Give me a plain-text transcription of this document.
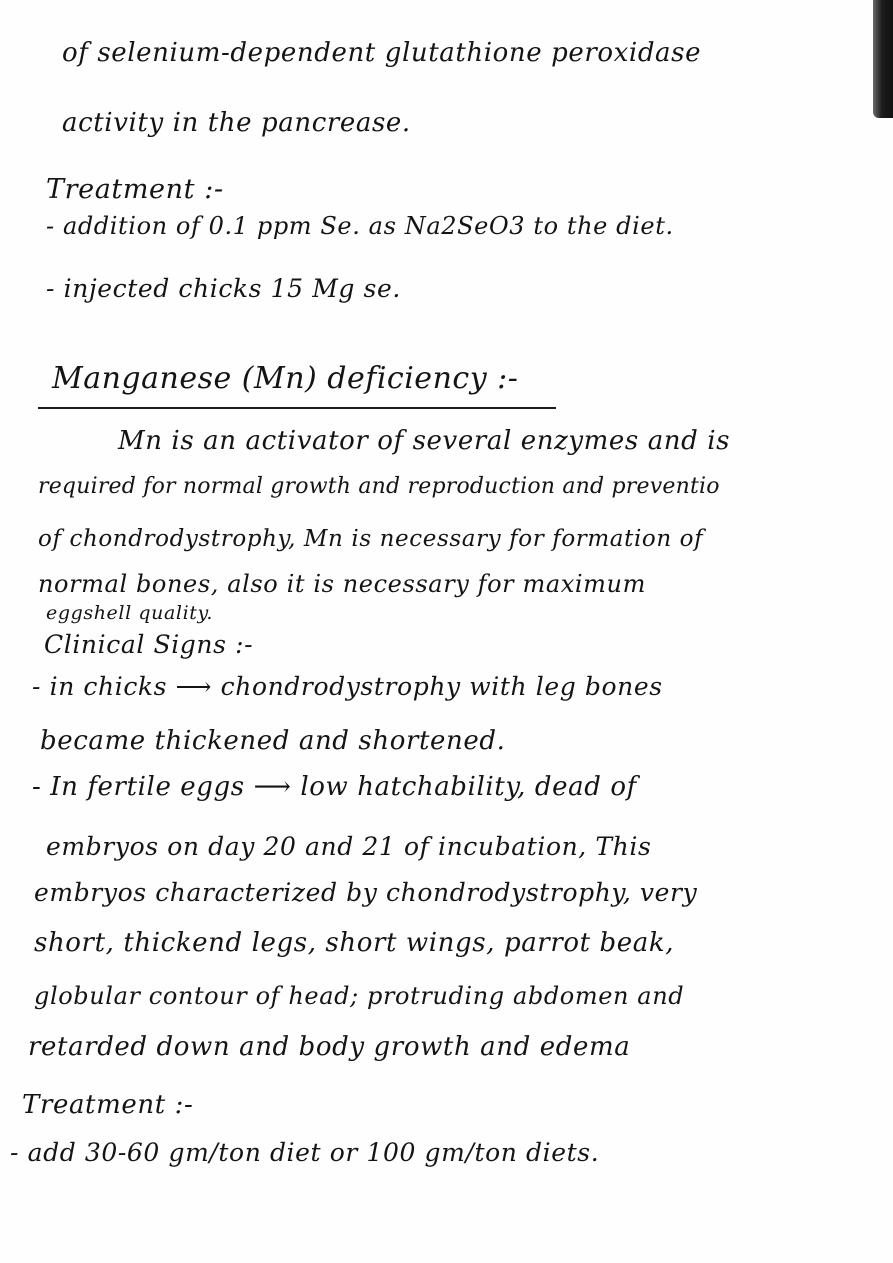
of selenium-dependent glutathione peroxidase
activity in the pancrease.
Treatment :-
- addition of 0.1 ppm Se. as Na2SeO3 to the diet.
- injected chicks 15 Mg se.
Manganese (Mn) deficiency :-
Mn is an activator of several enzymes and is
required for normal growth and reproduction and preventio
of chondrodystrophy, Mn is necessary for formation of
normal bones, also it is necessary for maximum
eggshell quality.
Clinical Signs :-
- in chicks ⟶ chondrodystrophy with leg bones
became thickened and shortened.
- In fertile eggs ⟶ low hatchability, dead of
embryos on day 20 and 21 of incubation, This
embryos characterized by chondrodystrophy, very
short, thickend legs, short wings, parrot beak,
globular contour of head; protruding abdomen and
retarded down and body growth and edema
Treatment :-
- add 30-60 gm/ton diet or 100 gm/ton diets.
